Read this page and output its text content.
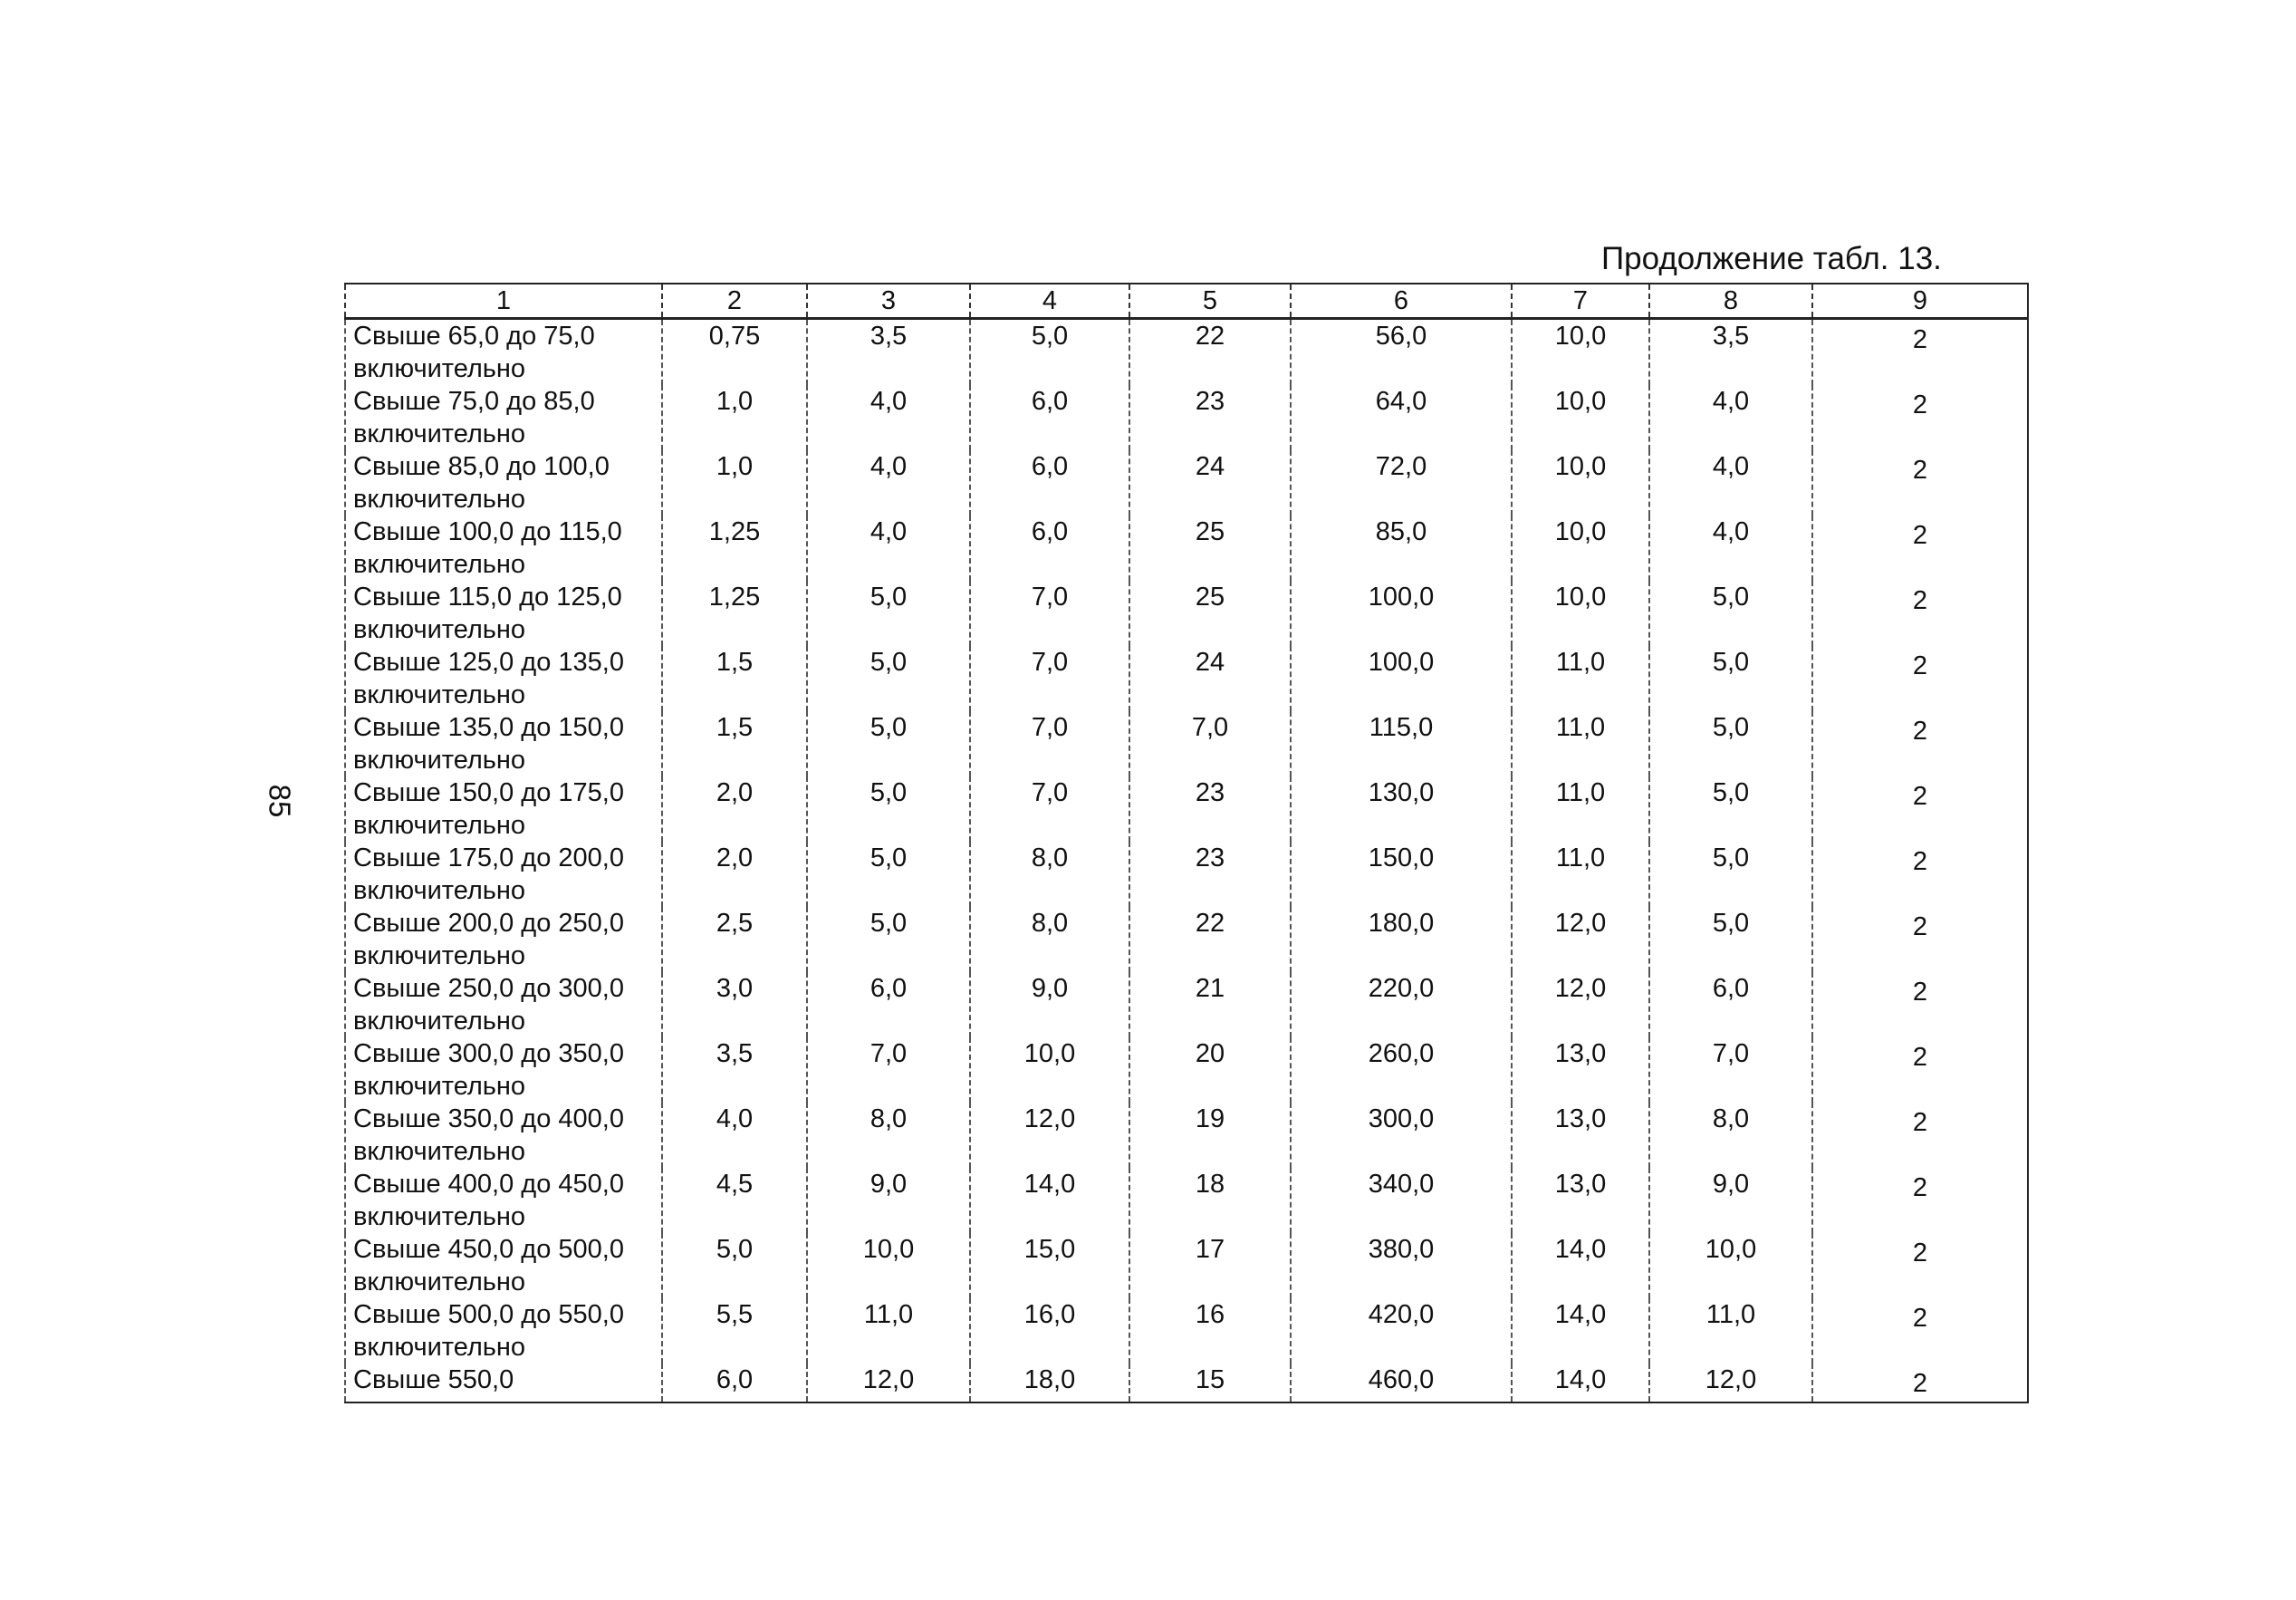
Продолжение табл. 13.
85
1	2	3	4	5	6	7	8	9
Свыше 65,0 до 75,0 включительно	0,75	3,5	5,0	22	56,0	10,0	3,5	2

Свыше 75,0 до 85,0 включительно	1,0	4,0	6,0	23	64,0	10,0	4,0	2

Свыше 85,0 до 100,0 включительно	1,0	4,0	6,0	24	72,0	10,0	4,0	2

Свыше 100,0 до 115,0 включительно	1,25	4,0	6,0	25	85,0	10,0	4,0	2

Свыше 115,0 до 125,0 включительно	1,25	5,0	7,0	25	100,0	10,0	5,0	2

Свыше 125,0 до 135,0 включительно	1,5	5,0	7,0	24	100,0	11,0	5,0	2

Свыше 135,0 до 150,0 включительно	1,5	5,0	7,0	7,0	115,0	11,0	5,0	2

Свыше 150,0 до 175,0 включительно	2,0	5,0	7,0	23	130,0	11,0	5,0	2

Свыше 175,0 до 200,0 включительно	2,0	5,0	8,0	23	150,0	11,0	5,0	2

Свыше 200,0 до 250,0 включительно	2,5	5,0	8,0	22	180,0	12,0	5,0	2

Свыше 250,0 до 300,0 включительно	3,0	6,0	9,0	21	220,0	12,0	6,0	2

Свыше 300,0 до 350,0 включительно	3,5	7,0	10,0	20	260,0	13,0	7,0	2

Свыше 350,0 до 400,0 включительно	4,0	8,0	12,0	19	300,0	13,0	8,0	2

Свыше 400,0 до 450,0 включительно	4,5	9,0	14,0	18	340,0	13,0	9,0	2

Свыше 450,0 до 500,0 включительно	5,0	10,0	15,0	17	380,0	14,0	10,0	2

Свыше 500,0 до 550,0 включительно	5,5	11,0	16,0	16	420,0	14,0	11,0	2

Свыше 550,0	6,0	12,0	18,0	15	460,0	14,0	12,0	2
